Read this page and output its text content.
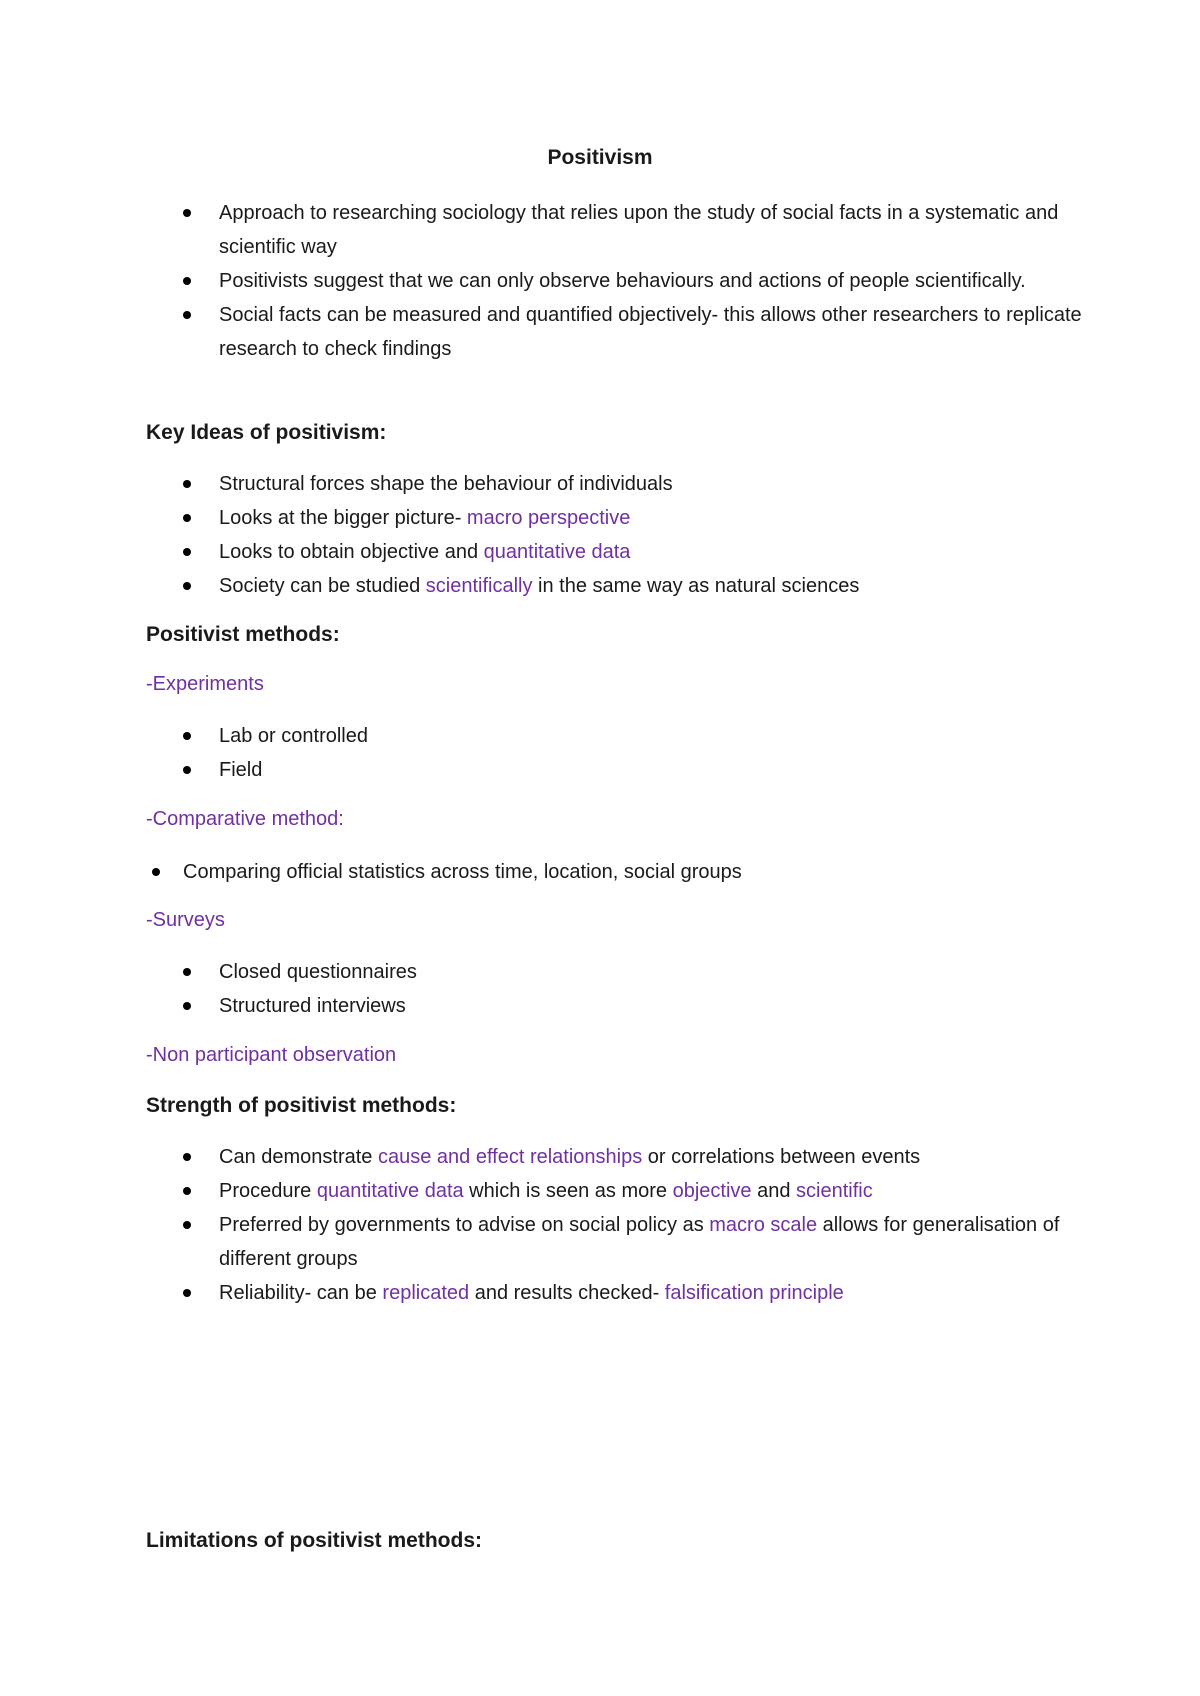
Positivism
Approach to researching sociology that relies upon the study of social facts in a systematic and scientific way
Positivists suggest that we can only observe behaviours and actions of people scientifically.
Social facts can be measured and quantified objectively- this allows other researchers to replicate research to check findings
Key Ideas of positivism:
Structural forces shape the behaviour of individuals
Looks at the bigger picture- macro perspective
Looks to obtain objective and quantitative data
Society can be studied scientifically in the same way as natural sciences
Positivist methods:

-Experiments

Lab or controlled
Field

-Comparative method:

Comparing official statistics across time, location, social groups

-Surveys

Closed questionnaires
Structured interviews

-Non participant observation

Strength of positivist methods:
Can demonstrate cause and effect relationships or correlations between events
Procedure quantitative data which is seen as more objective and scientific
Preferred by governments to advise on social policy as macro scale allows for generalisation of different groups
Reliability- can be replicated and results checked- falsification principle
Limitations of positivist methods:
